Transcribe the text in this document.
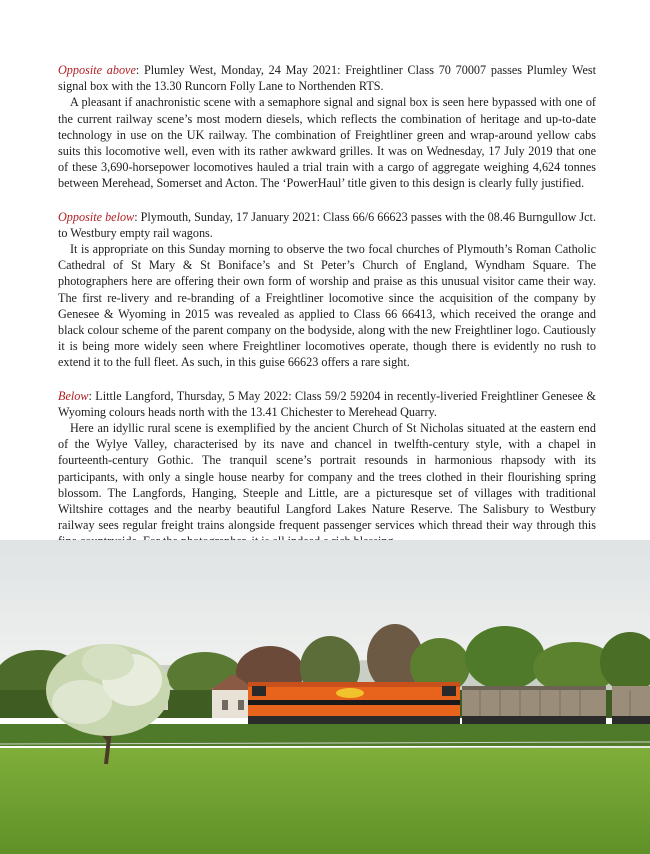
Opposite above: Plumley West, Monday, 24 May 2021: Freightliner Class 70 70007 passes Plumley West signal box with the 13.30 Runcorn Folly Lane to Northenden RTS.

A pleasant if anachronistic scene with a semaphore signal and signal box is seen here bypassed with one of the current railway scene’s most modern diesels, which reflects the combination of heritage and up-to-date technology in use on the UK railway. The combination of Freightliner green and wrap-around yellow cabs suits this locomotive well, even with its rather awkward grilles. It was on Wednesday, 17 July 2019 that one of these 3,690-horsepower locomotives hauled a trial train with a cargo of aggregate weighing 4,624 tonnes between Merehead, Somerset and Acton. The ‘PowerHaul’ title given to this design is clearly fully justified.

Opposite below: Plymouth, Sunday, 17 January 2021: Class 66/6 66623 passes with the 08.46 Burngullow Jct. to Westbury empty rail wagons.

It is appropriate on this Sunday morning to observe the two focal churches of Plymouth’s Roman Catholic Cathedral of St Mary & St Boniface’s and St Peter’s Church of England, Wyndham Square. The photographers here are offering their own form of worship and praise as this unusual visitor came their way. The first re-livery and re-branding of a Freightliner locomotive since the acquisition of the company by Genesee & Wyoming in 2015 was revealed as applied to Class 66 66413, which received the orange and black colour scheme of the parent company on the bodyside, along with the new Freightliner logo. Cautiously it is being more widely seen where Freightliner locomotives operate, though there is evidently no rush to extend it to the full fleet. As such, in this guise 66623 offers a rare sight.

Below: Little Langford, Thursday, 5 May 2022: Class 59/2 59204 in recently-liveried Freightliner Genesee & Wyoming colours heads north with the 13.41 Chichester to Merehead Quarry.

Here an idyllic rural scene is exemplified by the ancient Church of St Nicholas situated at the eastern end of the Wylye Valley, characterised by its nave and chancel in twelfth-century style, with a chapel in fourteenth-century Gothic. The tranquil scene’s portrait resounds in harmonious rhapsody with its participants, with only a single house nearby for company and the trees clothed in their flourishing spring blossom. The Langfords, Hanging, Steeple and Little, are a picturesque set of villages with traditional Wiltshire cottages and the nearby beautiful Langford Lakes Nature Reserve. The Salisbury to Westbury railway sees regular freight trains alongside frequent passenger services which thread their way through this
